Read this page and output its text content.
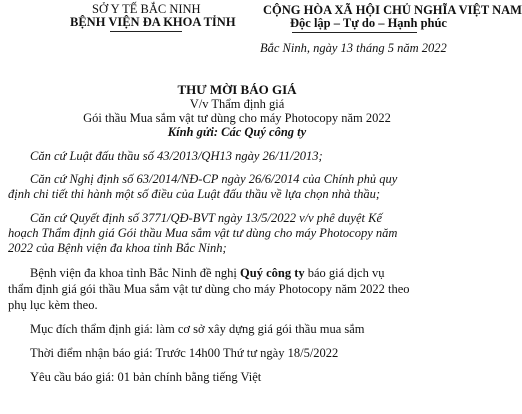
SỞ Y TẾ BẮC NINH
BỆNH VIỆN ĐA KHOA TỈNH
CỘNG HÒA XÃ HỘI CHỦ NGHĨA VIỆT NAM
Độc lập – Tự do – Hạnh phúc
Bắc Ninh, ngày 13 tháng 5 năm 2022
THƯ MỜI BÁO GIÁ
V/v Thẩm định giá
Gói thầu Mua sắm vật tư dùng cho máy Photocopy năm 2022
Kính gửi: Các Quý công ty
Căn cứ Luật đấu thầu số 43/2013/QH13 ngày 26/11/2013;
Căn cứ Nghị định số 63/2014/NĐ-CP ngày 26/6/2014 của Chính phủ quy
định chi tiết thi hành một số điều của Luật đấu thầu về lựa chọn nhà thầu;
Căn cứ Quyết định số 3771/QĐ-BVT ngày 13/5/2022 v/v phê duyệt Kế
hoạch Thẩm định giá Gói thầu Mua sắm vật tư dùng cho máy Photocopy năm
2022 của Bệnh viện đa khoa tỉnh Bắc Ninh;
Bệnh viện đa khoa tỉnh Bắc Ninh đề nghị Quý công ty báo giá dịch vụ
thẩm định giá gói thầu Mua sắm vật tư dùng cho máy Photocopy năm 2022 theo
phụ lục kèm theo.
Mục đích thẩm định giá: làm cơ sở xây dựng giá gói thầu mua sắm
Thời điểm nhận báo giá: Trước 14h00 Thứ tư ngày 18/5/2022
Yêu cầu báo giá: 01 bản chính bằng tiếng Việt
